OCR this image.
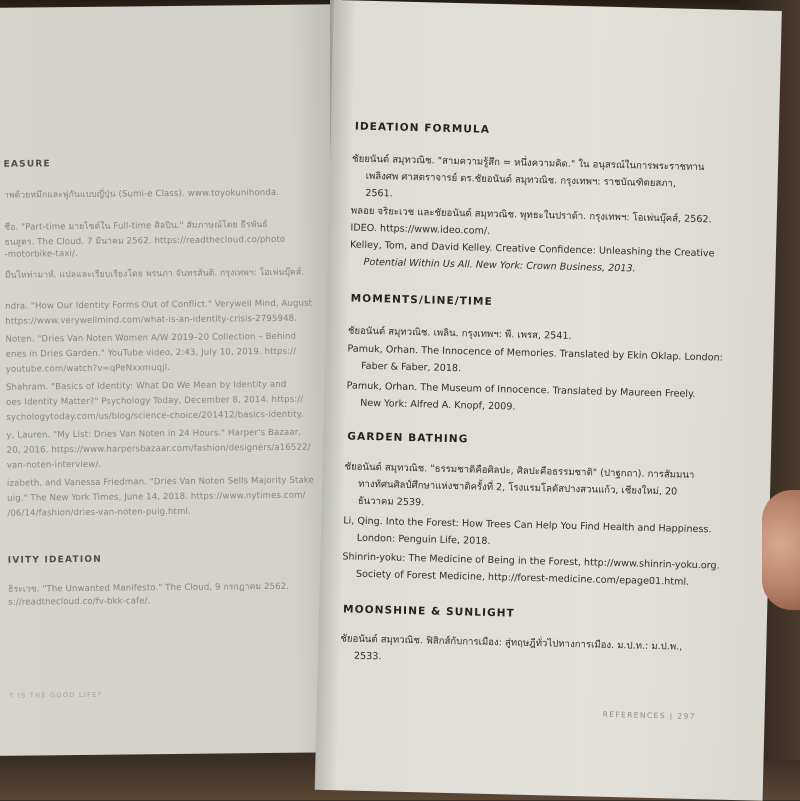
EASURE
าพด้วยหมึกและพู่กันแบบญี่ปุ่น (Sumi-e Class). www.toyokunihonda.
ชือ. "Part-time มายไซด์ใน Full-time ศิลปิน." สัมภาษณ์โดย ธีรพันธ์
ธนสูตร. The Cloud. 7 มีนาคม 2562. https://readthecloud.co/photo
-motorbike-taxi/.
มืนไหท่ามาห์. แปลและเรียบเรียงโดย พรนภา จันทรสันติ. กรุงเทพฯ: โอเพ่นบุ๊คส์.
ndra. "How Our Identity Forms Out of Conflict." Verywell Mind, August
https://www.verywellmind.com/what-is-an-identity-crisis-2795948.
Noten. "Dries Van Noten Women A/W 2019–20 Collection – Behind
enes in Dries Garden." YouTube video, 2:43, July 10, 2019. https://
youtube.com/watch?v=qPeNxxmuqjI.
Shahram. "Basics of Identity: What Do We Mean by Identity and
oes Identity Matter?" Psychology Today, December 8, 2014. https://
sychologytoday.com/us/blog/science-choice/201412/basics-identity.
y, Lauren. "My List: Dries Van Noten in 24 Hours." Harper's Bazaar,
20, 2016. https://www.harpersbazaar.com/fashion/designers/a16522/
van-noten-interview/.
izabeth, and Vanessa Friedman. "Dries Van Noten Sells Majority Stake
uig." The New York Times, June 14, 2018. https://www.nytimes.com/
/06/14/fashion/dries-van-noten-puig.html.
IVITY IDEATION
ธิระเวช. "The Unwanted Manifesto." The Cloud, 9 กรกฎาคม 2562.
s://readthecloud.co/fv-bkk-cafe/.
T IS THE GOOD LIFE?
IDEATION FORMULA
ชัยยนันต์ สมุทวณิช. "สามความรู้สึก = หนึ่งความคิด." ใน อนุสรณ์ในการพระราชทาน
เพลิงศพ ศาสตราจารย์ ดร.ชัยอนันต์ สมุทวณิช. กรุงเทพฯ: ราชบัณฑิตยสภา,
2561.
พลอย จริยะเวช และชัยอนันต์ สมุทวณิช. พุทธะในปราด้า. กรุงเทพฯ: โอเพ่นบุ๊คส์, 2562.
IDEO. https://www.ideo.com/.
Kelley, Tom, and David Kelley. Creative Confidence: Unleashing the Creative
Potential Within Us All. New York: Crown Business, 2013.
MOMENTS/LINE/TIME
ชัยอนันต์ สมุทวณิช. เพลิน. กรุงเทพฯ: พี. เพรส, 2541.
Pamuk, Orhan. The Innocence of Memories. Translated by Ekin Oklap. London:
Faber & Faber, 2018.
Pamuk, Orhan. The Museum of Innocence. Translated by Maureen Freely.
New York: Alfred A. Knopf, 2009.
GARDEN BATHING
ชัยอนันต์ สมุทวณิช. "ธรรมชาติคือศิลปะ, ศิลปะคือธรรมชาติ" (ปาฐกถา). การสัมมนา
ทางทัศนศิลป์ศึกษาแห่งชาติครั้งที่ 2, โรงแรมโลตัสปางสวนแก้ว, เชียงใหม่, 20
ธันวาคม 2539.
Li, Qing. Into the Forest: How Trees Can Help You Find Health and Happiness.
London: Penguin Life, 2018.
Shinrin-yoku: The Medicine of Being in the Forest, http://www.shinrin-yoku.org.
Society of Forest Medicine, http://forest-medicine.com/epage01.html.
MOONSHINE & SUNLIGHT
ชัยอนันต์ สมุทวณิช. ฟิสิกส์กับการเมือง: สู่ทฤษฎีทั่วไปทางการเมือง. ม.ป.ท.: ม.ป.พ.,
2533.
REFERENCES | 297
